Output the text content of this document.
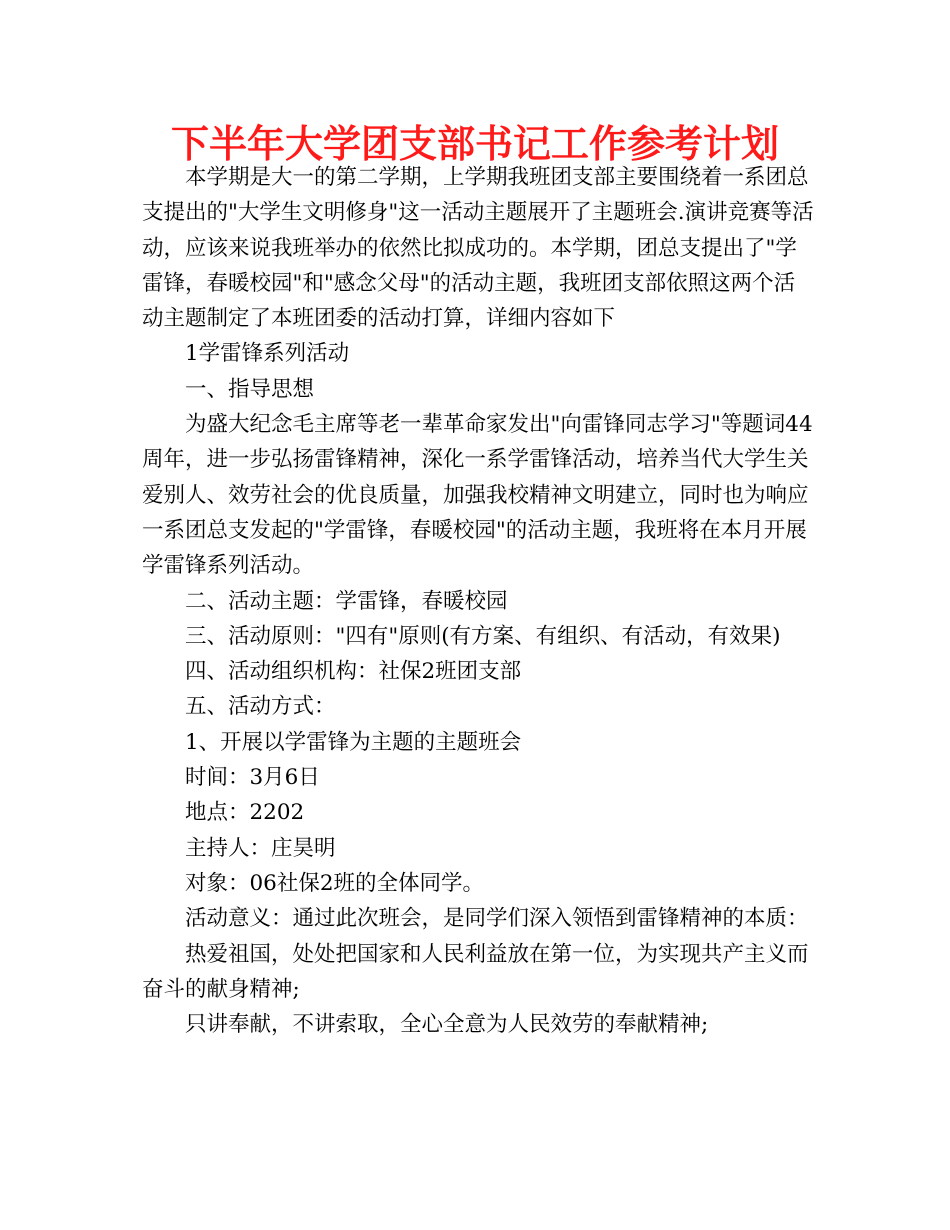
下半年大学团支部书记工作参考计划

本学期是大一的第二学期，上学期我班团支部主要围绕着一系团总支提出的"大学生文明修身"这一活动主题展开了主题班会.演讲竞赛等活动，应该来说我班举办的依然比拟成功的。本学期，团总支提出了"学雷锋，春暖校园"和"感念父母"的活动主题，我班团支部依照这两个活动主题制定了本班团委的活动打算，详细内容如下

1学雷锋系列活动

一、指导思想

为盛大纪念毛主席等老一辈革命家发出"向雷锋同志学习"等题词44周年，进一步弘扬雷锋精神，深化一系学雷锋活动，培养当代大学生关爱别人、效劳社会的优良质量，加强我校精神文明建立，同时也为响应一系团总支发起的"学雷锋，春暖校园"的活动主题，我班将在本月开展学雷锋系列活动。

二、活动主题：学雷锋，春暖校园

三、活动原则："四有"原则(有方案、有组织、有活动，有效果)

四、活动组织机构：社保2班团支部

五、活动方式：

1、开展以学雷锋为主题的主题班会

时间：3月6日

地点：2202

主持人：庄昊明

对象：06社保2班的全体同学。

活动意义：通过此次班会，是同学们深入领悟到雷锋精神的本质：

热爱祖国，处处把国家和人民利益放在第一位，为实现共产主义而奋斗的献身精神;

只讲奉献，不讲索取，全心全意为人民效劳的奉献精神;
